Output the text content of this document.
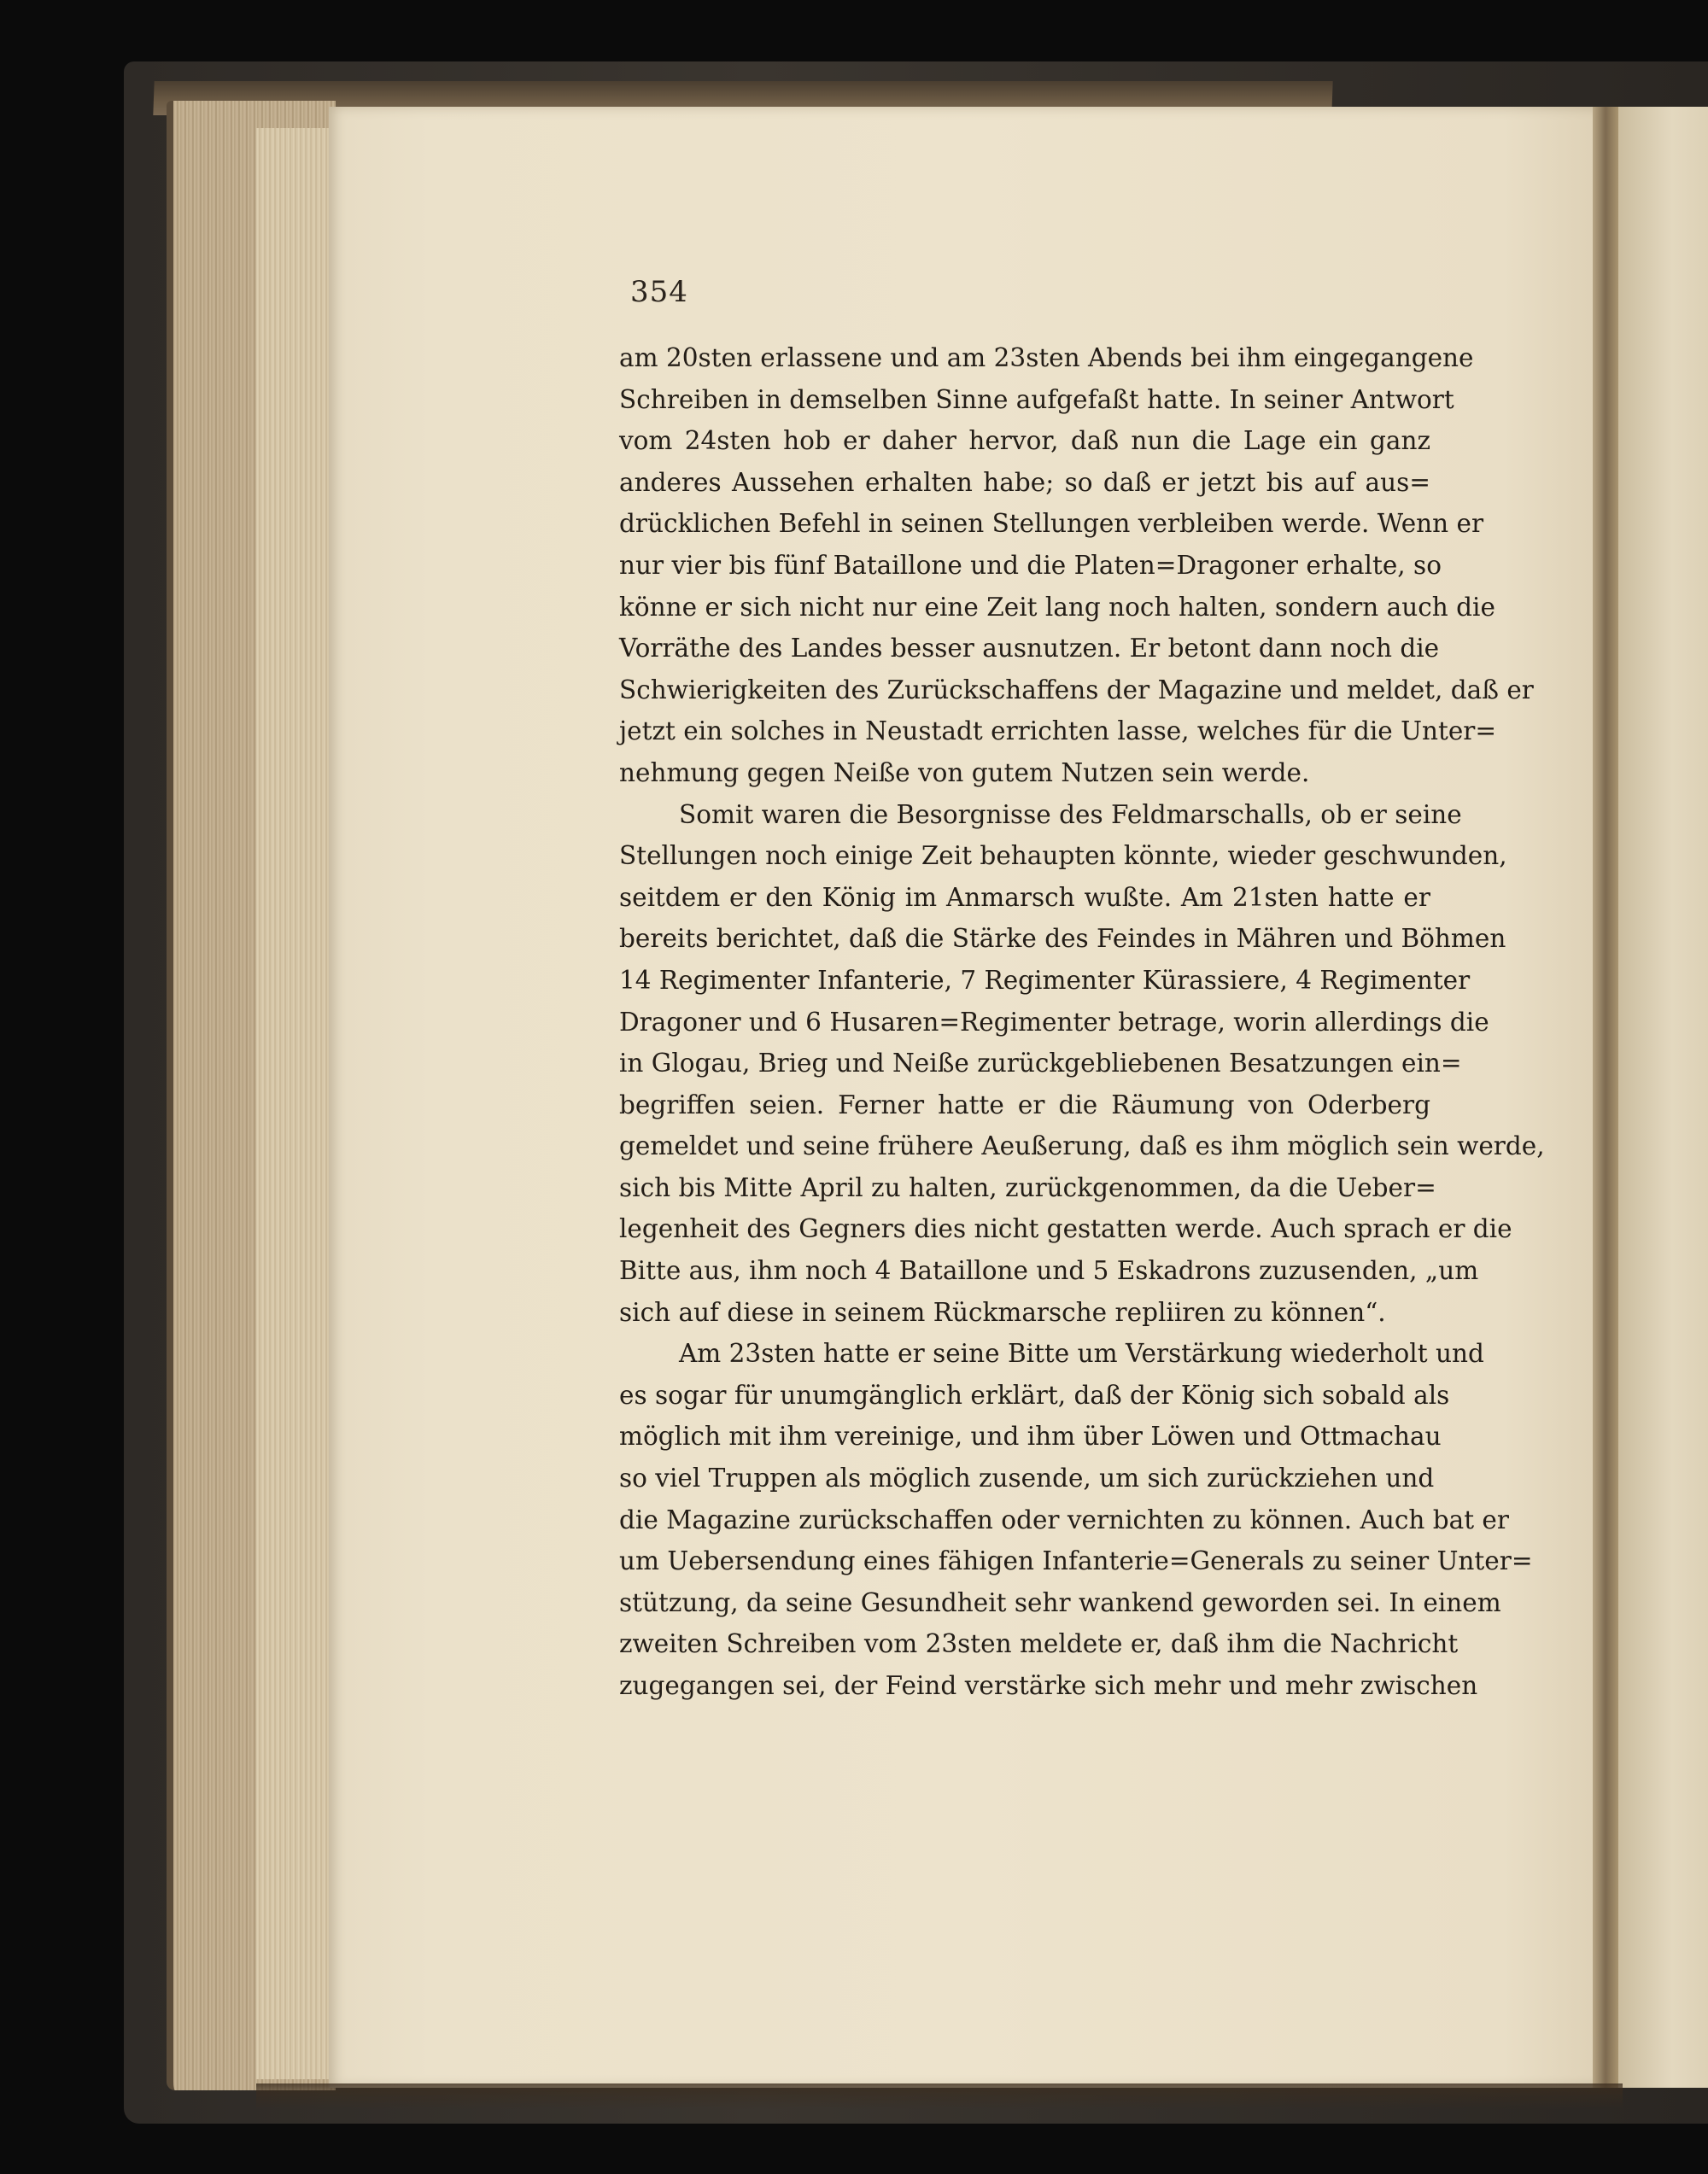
354
am 20sten erlassene und am 23sten Abends bei ihm eingegangene
Schreiben in demselben Sinne aufgefaßt hatte. In seiner Antwort
vom 24sten hob er daher hervor, daß nun die Lage ein ganz
anderes Aussehen erhalten habe; so daß er jetzt bis auf aus=
drücklichen Befehl in seinen Stellungen verbleiben werde. Wenn er
nur vier bis fünf Bataillone und die Platen=Dragoner erhalte, so
könne er sich nicht nur eine Zeit lang noch halten, sondern auch die
Vorräthe des Landes besser ausnutzen. Er betont dann noch die
Schwierigkeiten des Zurückschaffens der Magazine und meldet, daß er
jetzt ein solches in Neustadt errichten lasse, welches für die Unter=
nehmung gegen Neiße von gutem Nutzen sein werde.
Somit waren die Besorgnisse des Feldmarschalls, ob er seine
Stellungen noch einige Zeit behaupten könnte, wieder geschwunden,
seitdem er den König im Anmarsch wußte. Am 21sten hatte er
bereits berichtet, daß die Stärke des Feindes in Mähren und Böhmen
14 Regimenter Infanterie, 7 Regimenter Kürassiere, 4 Regimenter
Dragoner und 6 Husaren=Regimenter betrage, worin allerdings die
in Glogau, Brieg und Neiße zurückgebliebenen Besatzungen ein=
begriffen seien. Ferner hatte er die Räumung von Oderberg
gemeldet und seine frühere Aeußerung, daß es ihm möglich sein werde,
sich bis Mitte April zu halten, zurückgenommen, da die Ueber=
legenheit des Gegners dies nicht gestatten werde. Auch sprach er die
Bitte aus, ihm noch 4 Bataillone und 5 Eskadrons zuzusenden, „um
sich auf diese in seinem Rückmarsche repliiren zu können“.
Am 23sten hatte er seine Bitte um Verstärkung wiederholt und
es sogar für unumgänglich erklärt, daß der König sich sobald als
möglich mit ihm vereinige, und ihm über Löwen und Ottmachau
so viel Truppen als möglich zusende, um sich zurückziehen und
die Magazine zurückschaffen oder vernichten zu können. Auch bat er
um Uebersendung eines fähigen Infanterie=Generals zu seiner Unter=
stützung, da seine Gesundheit sehr wankend geworden sei. In einem
zweiten Schreiben vom 23sten meldete er, daß ihm die Nachricht
zugegangen sei, der Feind verstärke sich mehr und mehr zwischen
